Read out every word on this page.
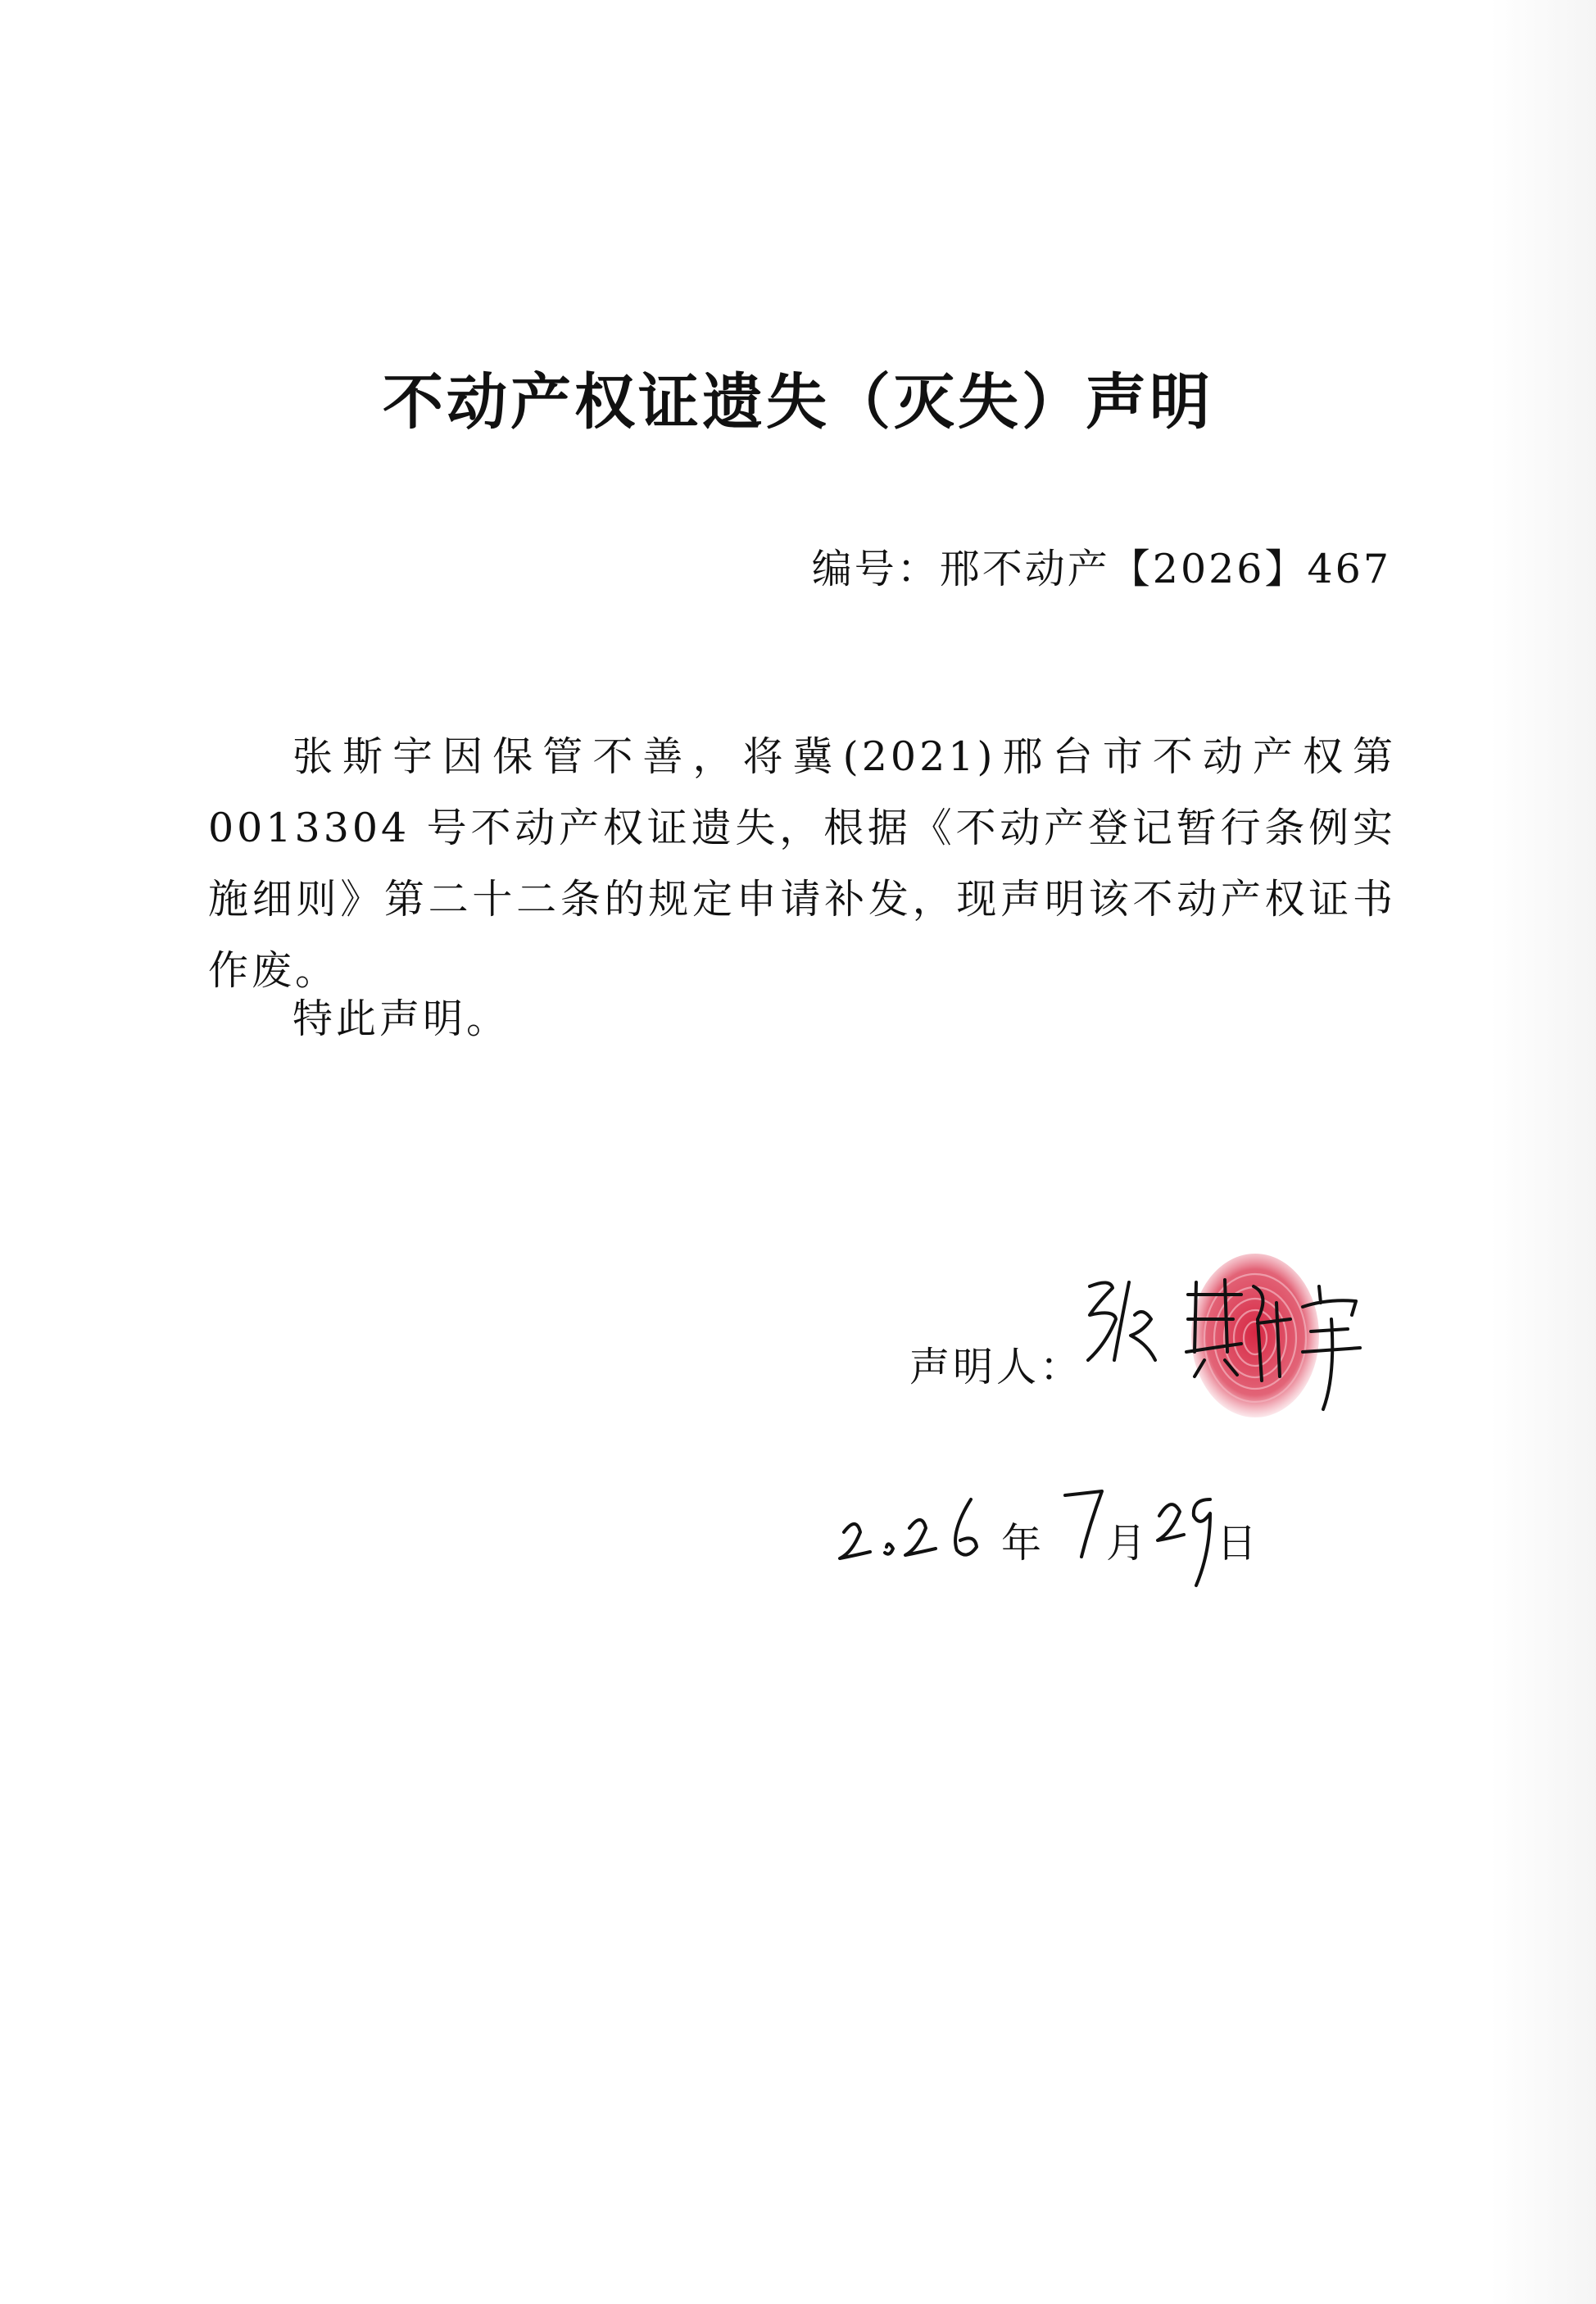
不动产权证遗失（灭失）声明
编号：邢不动产【2026】467

张斯宇因保管不善，将冀(2021)邢台市不动产权第 0013304 号不动产权证遗失，根据《不动产登记暂行条例实施细则》第二十二条的规定申请补发，现声明该不动产权证书作废。

特此声明。

声明人：
年 月 日
